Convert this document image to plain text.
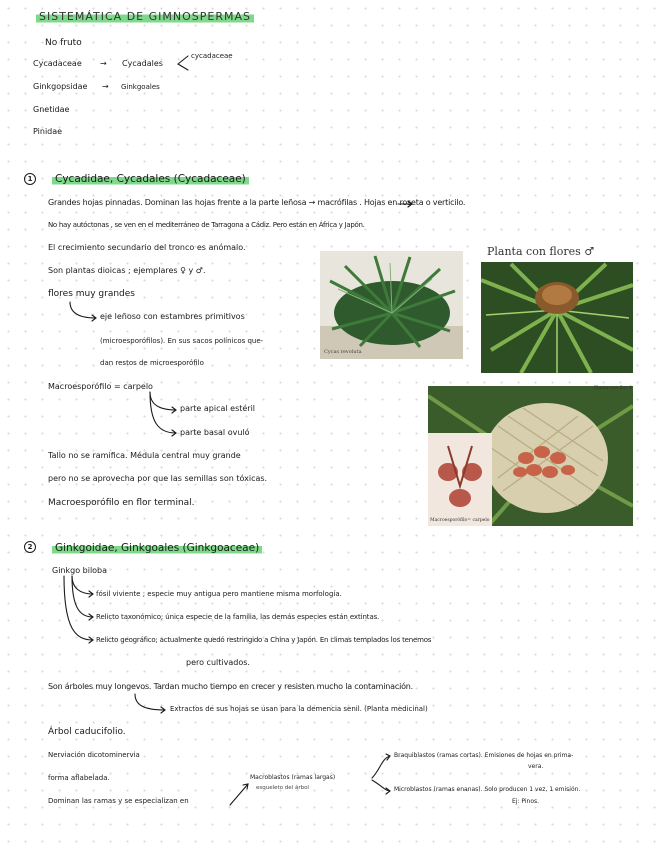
SISTEMÁTICA DE GIMNOSPERMAS
No fruto
Cycadaceae → Cycadales
cycadaceae
Ginkgopsidae → Ginkgoales
Gnetidae
Pinidae
1	Cycadidae, Cycadales (Cycadaceae)
Grandes hojas pinnadas. Dominan las hojas frente a la parte leñosa → macrófilas . Hojas en roseta o verticilo.
No hay autóctonas , se ven en el mediterráneo de Tarragona a Cádiz. Pero están en África y Japón.
El crecimiento secundario del tronco es anómalo.
Son plantas dioicas ; ejemplares ♀ y ♂.
flores muy grandes
eje leñoso con estambres primitivos
(microesporófilos). En sus sacos polínicos que-
dan restos de microesporófilo
Macroesporófilo = carpelo
parte apical estéril
parte basal ovuló
Tallo no se ramifica. Médula central muy grande
pero no se aprovecha por que las semillas son tóxicas.
Macroesporófilo en flor terminal.
Cycas revoluta
Planta con flores ♂
Planta con flor ♀
Macroesporófilo= carpelo
2	Ginkgoidae, Ginkgoales (Ginkgoaceae)
Ginkgo biloba
fósil viviente ; especie muy antigua pero mantiene misma morfología.
Relicto taxonómico; única especie de la familia, las demás especies están extintas.
Relicto geográfico; actualmente quedó restringido a China y Japón. En climas templados los tenemos
pero cultivados.
Son árboles muy longevos. Tardan mucho tiempo en crecer y resisten mucho la contaminación.
Extractos de sus hojas se usan para la demencia senil. (Planta medicinal)
Árbol caducifolio.
Nerviación dicotominervia
forma aflabelada.
Dominan las ramas y se especializan en
Macroblastos (ramas largas)
esqueleto del árbol
Braquiblastos (ramas cortas). Emisiones de hojas en prima-
vera.
Microblastos (ramas enanas). Solo producen 1 vez, 1 emisión.
Ej: Pinos.
